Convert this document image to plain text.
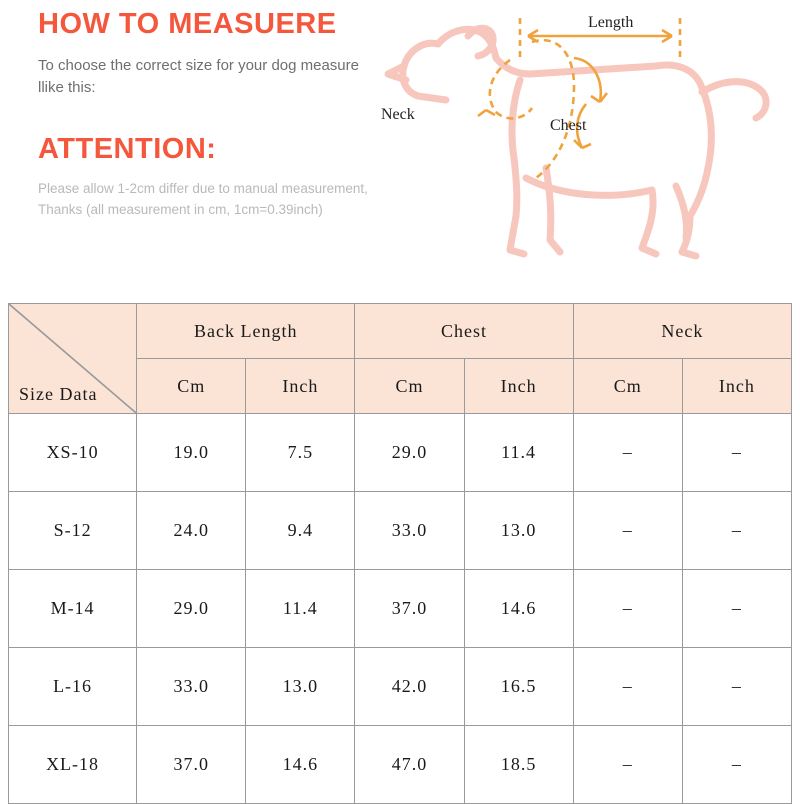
HOW TO MEASUERE

To choose the correct size for your dog measure llike this:

ATTENTION:

Please allow 1-2cm differ due to manual measurement,

Thanks (all measurement in cm, 1cm=0.39inch)

Length
Neck
Chest
Size Data	Back Length		Chest		Neck	
	Cm	Inch	Cm	Inch	Cm	Inch
XS-10	19.0	7.5	29.0	11.4	–	–
S-12	24.0	9.4	33.0	13.0	–	–
M-14	29.0	11.4	37.0	14.6	–	–
L-16	33.0	13.0	42.0	16.5	–	–
XL-18	37.0	14.6	47.0	18.5	–	–
